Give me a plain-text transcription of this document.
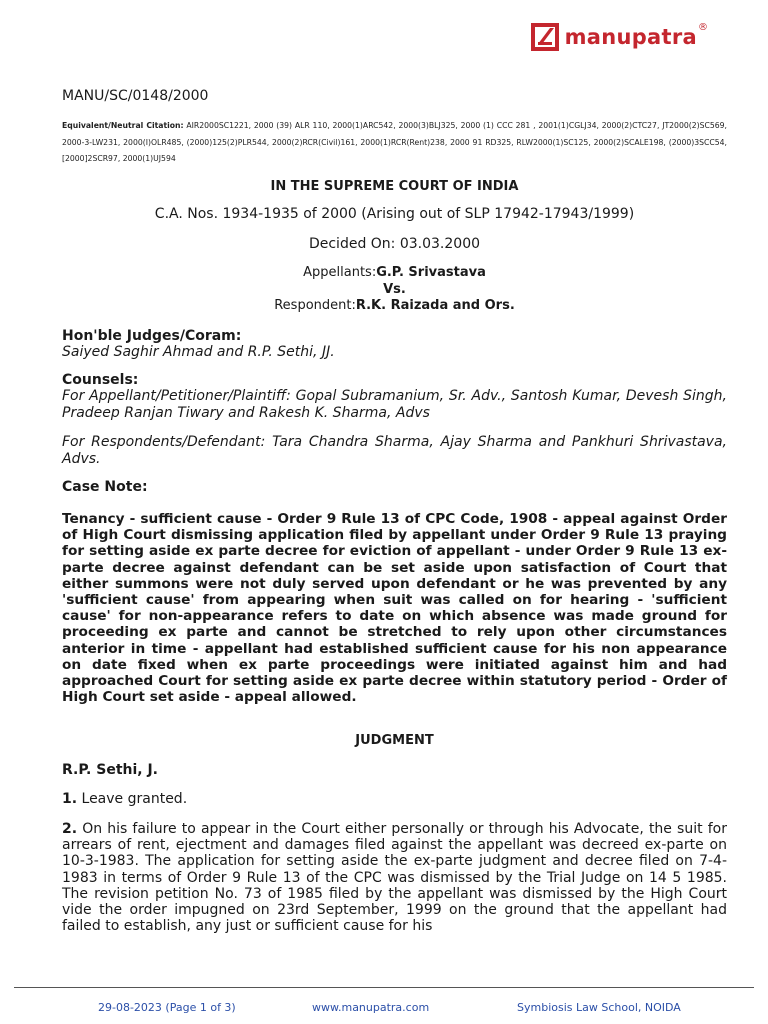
manupatra ®
MANU/SC/0148/2000
Equivalent/Neutral Citation: AIR2000SC1221, 2000 (39) ALR 110, 2000(1)ARC542, 2000(3)BLJ325, 2000 (1) CCC 281 , 2001(1)CGLJ34, 2000(2)CTC27, JT2000(2)SC569, 2000-3-LW231, 2000(I)OLR485, (2000)125(2)PLR544, 2000(2)RCR(Civil)161, 2000(1)RCR(Rent)238, 2000 91 RD325, RLW2000(1)SC125, 2000(2)SCALE198, (2000)3SCC54, [2000]2SCR97, 2000(1)UJ594
IN THE SUPREME COURT OF INDIA
C.A. Nos. 1934-1935 of 2000 (Arising out of SLP 17942-17943/1999)
Decided On: 03.03.2000
Appellants:G.P. Srivastava
Vs.
Respondent:R.K. Raizada and Ors.
Hon'ble Judges/Coram:
Saiyed Saghir Ahmad and R.P. Sethi, JJ.
Counsels:
For Appellant/Petitioner/Plaintiff: Gopal Subramanium, Sr. Adv., Santosh Kumar, Devesh Singh, Pradeep Ranjan Tiwary and Rakesh K. Sharma, Advs
For Respondents/Defendant: Tara Chandra Sharma, Ajay Sharma and Pankhuri Shrivastava, Advs.
Case Note:
Tenancy - sufficient cause - Order 9 Rule 13 of CPC Code, 1908 - appeal against Order of High Court dismissing application filed by appellant under Order 9 Rule 13 praying for setting aside ex parte decree for eviction of appellant - under Order 9 Rule 13 ex-parte decree against defendant can be set aside upon satisfaction of Court that either summons were not duly served upon defendant or he was prevented by any 'sufficient cause' from appearing when suit was called on for hearing - 'sufficient cause' for non-appearance refers to date on which absence was made ground for proceeding ex parte and cannot be stretched to rely upon other circumstances anterior in time - appellant had established sufficient cause for his non appearance on date fixed when ex parte proceedings were initiated against him and had approached Court for setting aside ex parte decree within statutory period - Order of High Court set aside - appeal allowed.
JUDGMENT
R.P. Sethi, J.
1. Leave granted.
2. On his failure to appear in the Court either personally or through his Advocate, the suit for arrears of rent, ejectment and damages filed against the appellant was decreed ex-parte on 10-3-1983. The application for setting aside the ex-parte judgment and decree filed on 7-4-1983 in terms of Order 9 Rule 13 of the CPC was dismissed by the Trial Judge on 14 5 1985. The revision petition No. 73 of 1985 filed by the appellant was dismissed by the High Court vide the order impugned on 23rd September, 1999 on the ground that the appellant had failed to establish, any just or sufficient cause for his
29-08-2023 (Page 1 of 3)	www.manupatra.com	Symbiosis Law School, NOIDA
